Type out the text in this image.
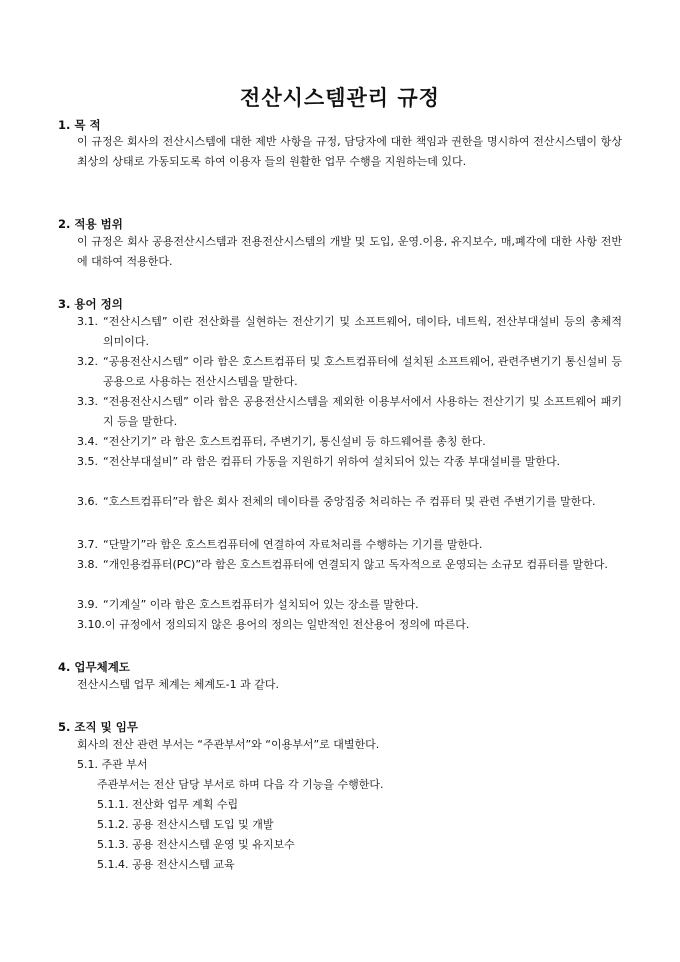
전산시스템관리 규정
1. 목 적
이 규정은 회사의 전산시스템에 대한 제반 사항을 규정, 담당자에 대한 책임과 권한을 명시하여 전산시스템이 항상 최상의 상태로 가동되도록 하여 이용자 들의 원활한 업무 수행을 지원하는데 있다.
2. 적용 범위
이 규정은 회사 공용전산시스템과 전용전산시스템의 개발 및 도입, 운영.이용, 유지보수, 매,폐각에 대한 사항 전반에 대하여 적용한다.
3. 용어 정의
3.1. “전산시스템” 이란 전산화를 실현하는 전산기기 및 소프트웨어, 데이타, 네트웍, 전산부대설비 등의 총체적 의미이다.
3.2. “공용전산시스템” 이라 함은 호스트컴퓨터 및 호스트컴퓨터에 설치된 소프트웨어, 관련주변기기 통신설비 등 공용으로 사용하는 전산시스템을 말한다.
3.3. “전용전산시스템” 이라 함은 공용전산시스템을 제외한 이용부서에서 사용하는 전산기기 및 소프트웨어 패키지 등을 말한다.
3.4. “전산기기” 라 함은 호스트컴퓨터, 주변기기, 통신설비 등 하드웨어를 총칭 한다.
3.5. “전산부대설비” 라 함은 컴퓨터 가동을 지원하기 위하여 설치되어 있는 각종 부대설비를 말한다.
3.6. “호스트컴퓨터”라 함은 회사 전체의 데이타를 중앙집중 처리하는 주 컴퓨터 및 관련 주변기기를 말한다.
3.7. “단말기”라 함은 호스트컴퓨터에 연결하여 자료처리를 수행하는 기기를 말한다.
3.8. “개인용컴퓨터(PC)”라 함은 호스트컴퓨터에 연결되지 않고 독자적으로 운영되는 소규모 컴퓨터를 말한다.
3.9. “기계실” 이라 함은 호스트컴퓨터가 설치되어 있는 장소를 말한다.
3.10. 이 규정에서 정의되지 않은 용어의 정의는 일반적인 전산용어 정의에 따른다.
4. 업무체계도
전산시스템 업무 체계는 체계도-1 과 같다.
5. 조직 및 임무
회사의 전산 관련 부서는 “주관부서”와 “이용부서”로 대별한다.
5.1. 주관 부서
주관부서는 전산 담당 부서로 하며 다음 각 기능을 수행한다.
5.1.1. 전산화 업무 계획 수립
5.1.2. 공용 전산시스템 도입 및 개발
5.1.3. 공용 전산시스템 운영 및 유지보수
5.1.4. 공용 전산시스템 교육
